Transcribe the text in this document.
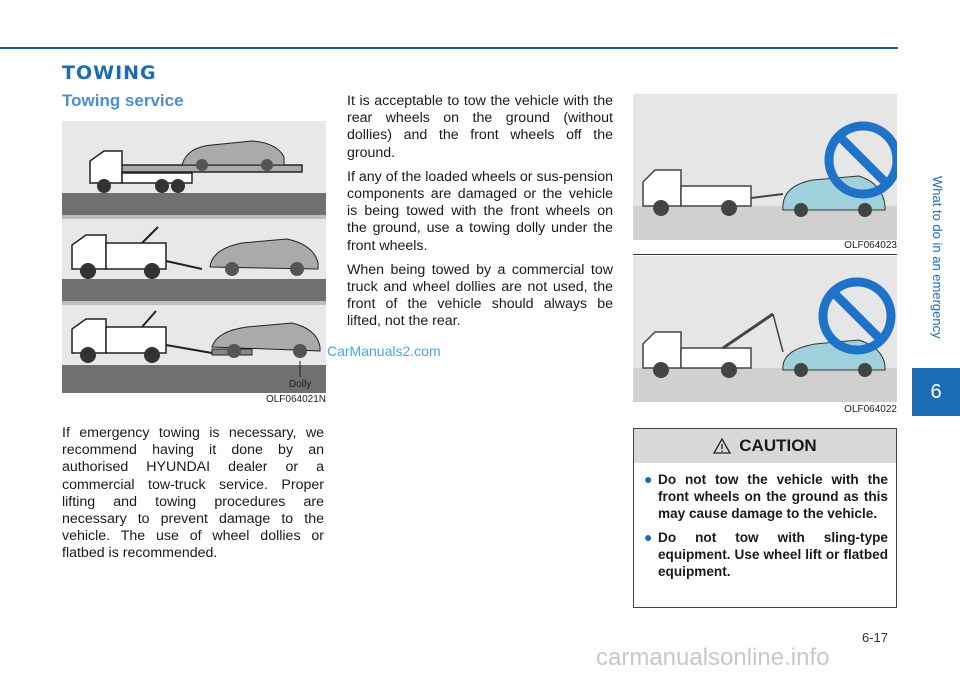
TOWING
Towing service
Dolly
OLF064021N
OLF064023
OLF064022

If emergency towing is necessary, we recommend having it done by an authorised HYUNDAI dealer or a commercial tow-truck service. Proper lifting and towing procedures are necessary to prevent damage to the vehicle. The use of wheel dollies or flatbed is recommended.

It is acceptable to tow the vehicle with the rear wheels on the ground (without dollies) and the front wheels off the ground.

If any of the loaded wheels or sus-pension components are damaged or the vehicle is being towed with the front wheels on the ground, use a towing dolly under the front wheels.

When being towed by a commercial tow truck and wheel dollies are not used, the front of the vehicle should always be lifted, not the rear.

CAUTION
● Do not tow the vehicle with the front wheels on the ground as this may cause damage to the vehicle.
● Do not tow with sling-type equipment. Use wheel lift or flatbed equipment.
What to do in an emergency
6
6-17
CarManuals2.com
carmanualsonline.info
